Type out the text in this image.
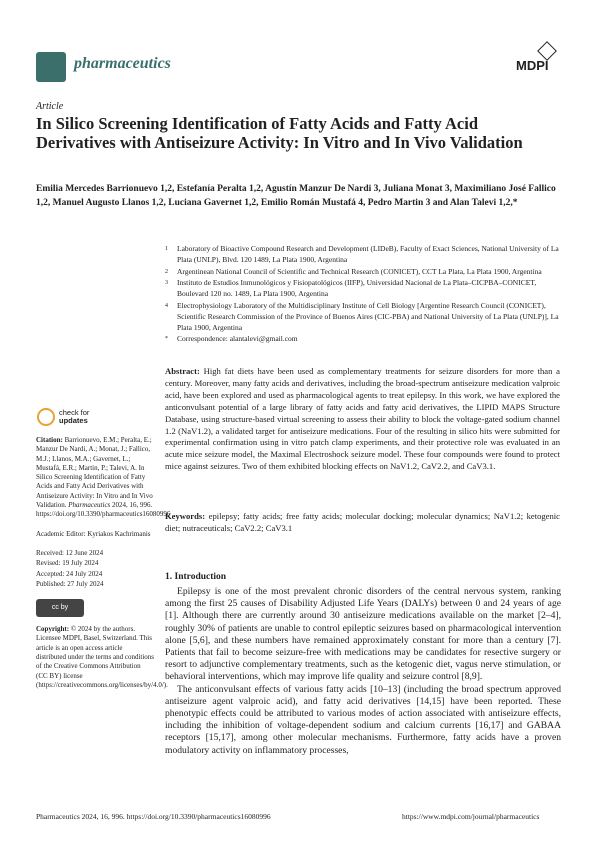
pharmaceutics	MDPI
Article
In Silico Screening Identification of Fatty Acids and Fatty Acid Derivatives with Antiseizure Activity: In Vitro and In Vivo Validation
Emilia Mercedes Barrionuevo 1,2, Estefanía Peralta 1,2, Agustín Manzur De Nardi 3, Juliana Monat 3, Maximiliano José Fallico 1,2, Manuel Augusto Llanos 1,2, Luciana Gavernet 1,2, Emilio Román Mustafá 4, Pedro Martin 3 and Alan Talevi 1,2,*
1	Laboratory of Bioactive Compound Research and Development (LIDeB), Faculty of Exact Sciences, National University of La Plata (UNLP), Blvd. 120 1489, La Plata 1900, Argentina
2	Argentinean National Council of Scientific and Technical Research (CONICET), CCT La Plata, La Plata 1900, Argentina
3	Instituto de Estudios Inmunológicos y Fisiopatológicos (IIFP), Universidad Nacional de La Plata–CICPBA–CONICET, Boulevard 120 no. 1489, La Plata 1900, Argentina
4	Electrophysiology Laboratory of the Multidisciplinary Institute of Cell Biology [Argentine Research Council (CONICET), Scientific Research Commission of the Province of Buenos Aires (CIC-PBA) and National University of La Plata (UNLP)], La Plata 1900, Argentina
*	Correspondence: alantalevi@gmail.com
Abstract: High fat diets have been used as complementary treatments for seizure disorders for more than a century. Moreover, many fatty acids and derivatives, including the broad-spectrum antiseizure medication valproic acid, have been explored and used as pharmacological agents to treat epilepsy. In this work, we have explored the anticonvulsant potential of a large library of fatty acids and fatty acid derivatives, the LIPID MAPS Structure Database, using structure-based virtual screening to assess their ability to block the voltage-gated sodium channel 1.2 (NaV1.2), a validated target for antiseizure medications. Four of the resulting in silico hits were submitted for experimental confirmation using in vitro patch clamp experiments, and their protective role was evaluated in an acute mice seizure model, the Maximal Electroshock seizure model. These four compounds were found to protect mice against seizures. Two of them exhibited blocking effects on NaV1.2, CaV2.2, and CaV3.1.
Keywords: epilepsy; fatty acids; free fatty acids; molecular docking; molecular dynamics; NaV1.2; ketogenic diet; nutraceuticals; CaV2.2; CaV3.1
check for
updates
Citation: Barrionuevo, E.M.; Peralta, E.; Manzur De Nardi, A.; Monat, J.; Fallico, M.J.; Llanos, M.A.; Gavernet, L.; Mustafá, E.R.; Martin, P.; Talevi, A. In Silico Screening Identification of Fatty Acids and Fatty Acid Derivatives with Antiseizure Activity: In Vitro and In Vivo Validation. Pharmaceutics 2024, 16, 996. https://doi.org/10.3390/pharmaceutics16080996
Academic Editor: Kyriakos Kachrimanis
Received: 12 June 2024
Revised: 19 July 2024
Accepted: 24 July 2024
Published: 27 July 2024
cc by
Copyright: © 2024 by the authors. Licensee MDPI, Basel, Switzerland. This article is an open access article distributed under the terms and conditions of the Creative Commons Attribution (CC BY) license (https://creativecommons.org/licenses/by/4.0/).
1. Introduction

Epilepsy is one of the most prevalent chronic disorders of the central nervous system, ranking among the first 25 causes of Disability Adjusted Life Years (DALYs) between 0 and 24 years of age [1]. Although there are currently around 30 antiseizure medications available on the market [2–4], roughly 30% of patients are unable to control epileptic seizures based on pharmacological intervention alone [5,6], and these numbers have remained approximately constant for more than a century [7]. Patients that fail to become seizure-free with medications may be candidates for resective surgery or resort to adjunctive complementary treatments, such as the ketogenic diet, vagus nerve stimulation, or behavioral interventions, which may improve life quality and seizure control [8,9].

The anticonvulsant effects of various fatty acids [10–13] (including the broad spectrum approved antiseizure agent valproic acid), and fatty acid derivatives [14,15] have been reported. These phenotypic effects could be attributed to various modes of action associated with antiseizure effects, including the inhibition of voltage-dependent sodium and calcium currents [16,17] and GABAA receptors [15,17], among other molecular mechanisms. Furthermore, fatty acids have a proven modulatory activity on inflammatory processes,

Pharmaceutics 2024, 16, 996. https://doi.org/10.3390/pharmaceutics16080996	https://www.mdpi.com/journal/pharmaceutics
